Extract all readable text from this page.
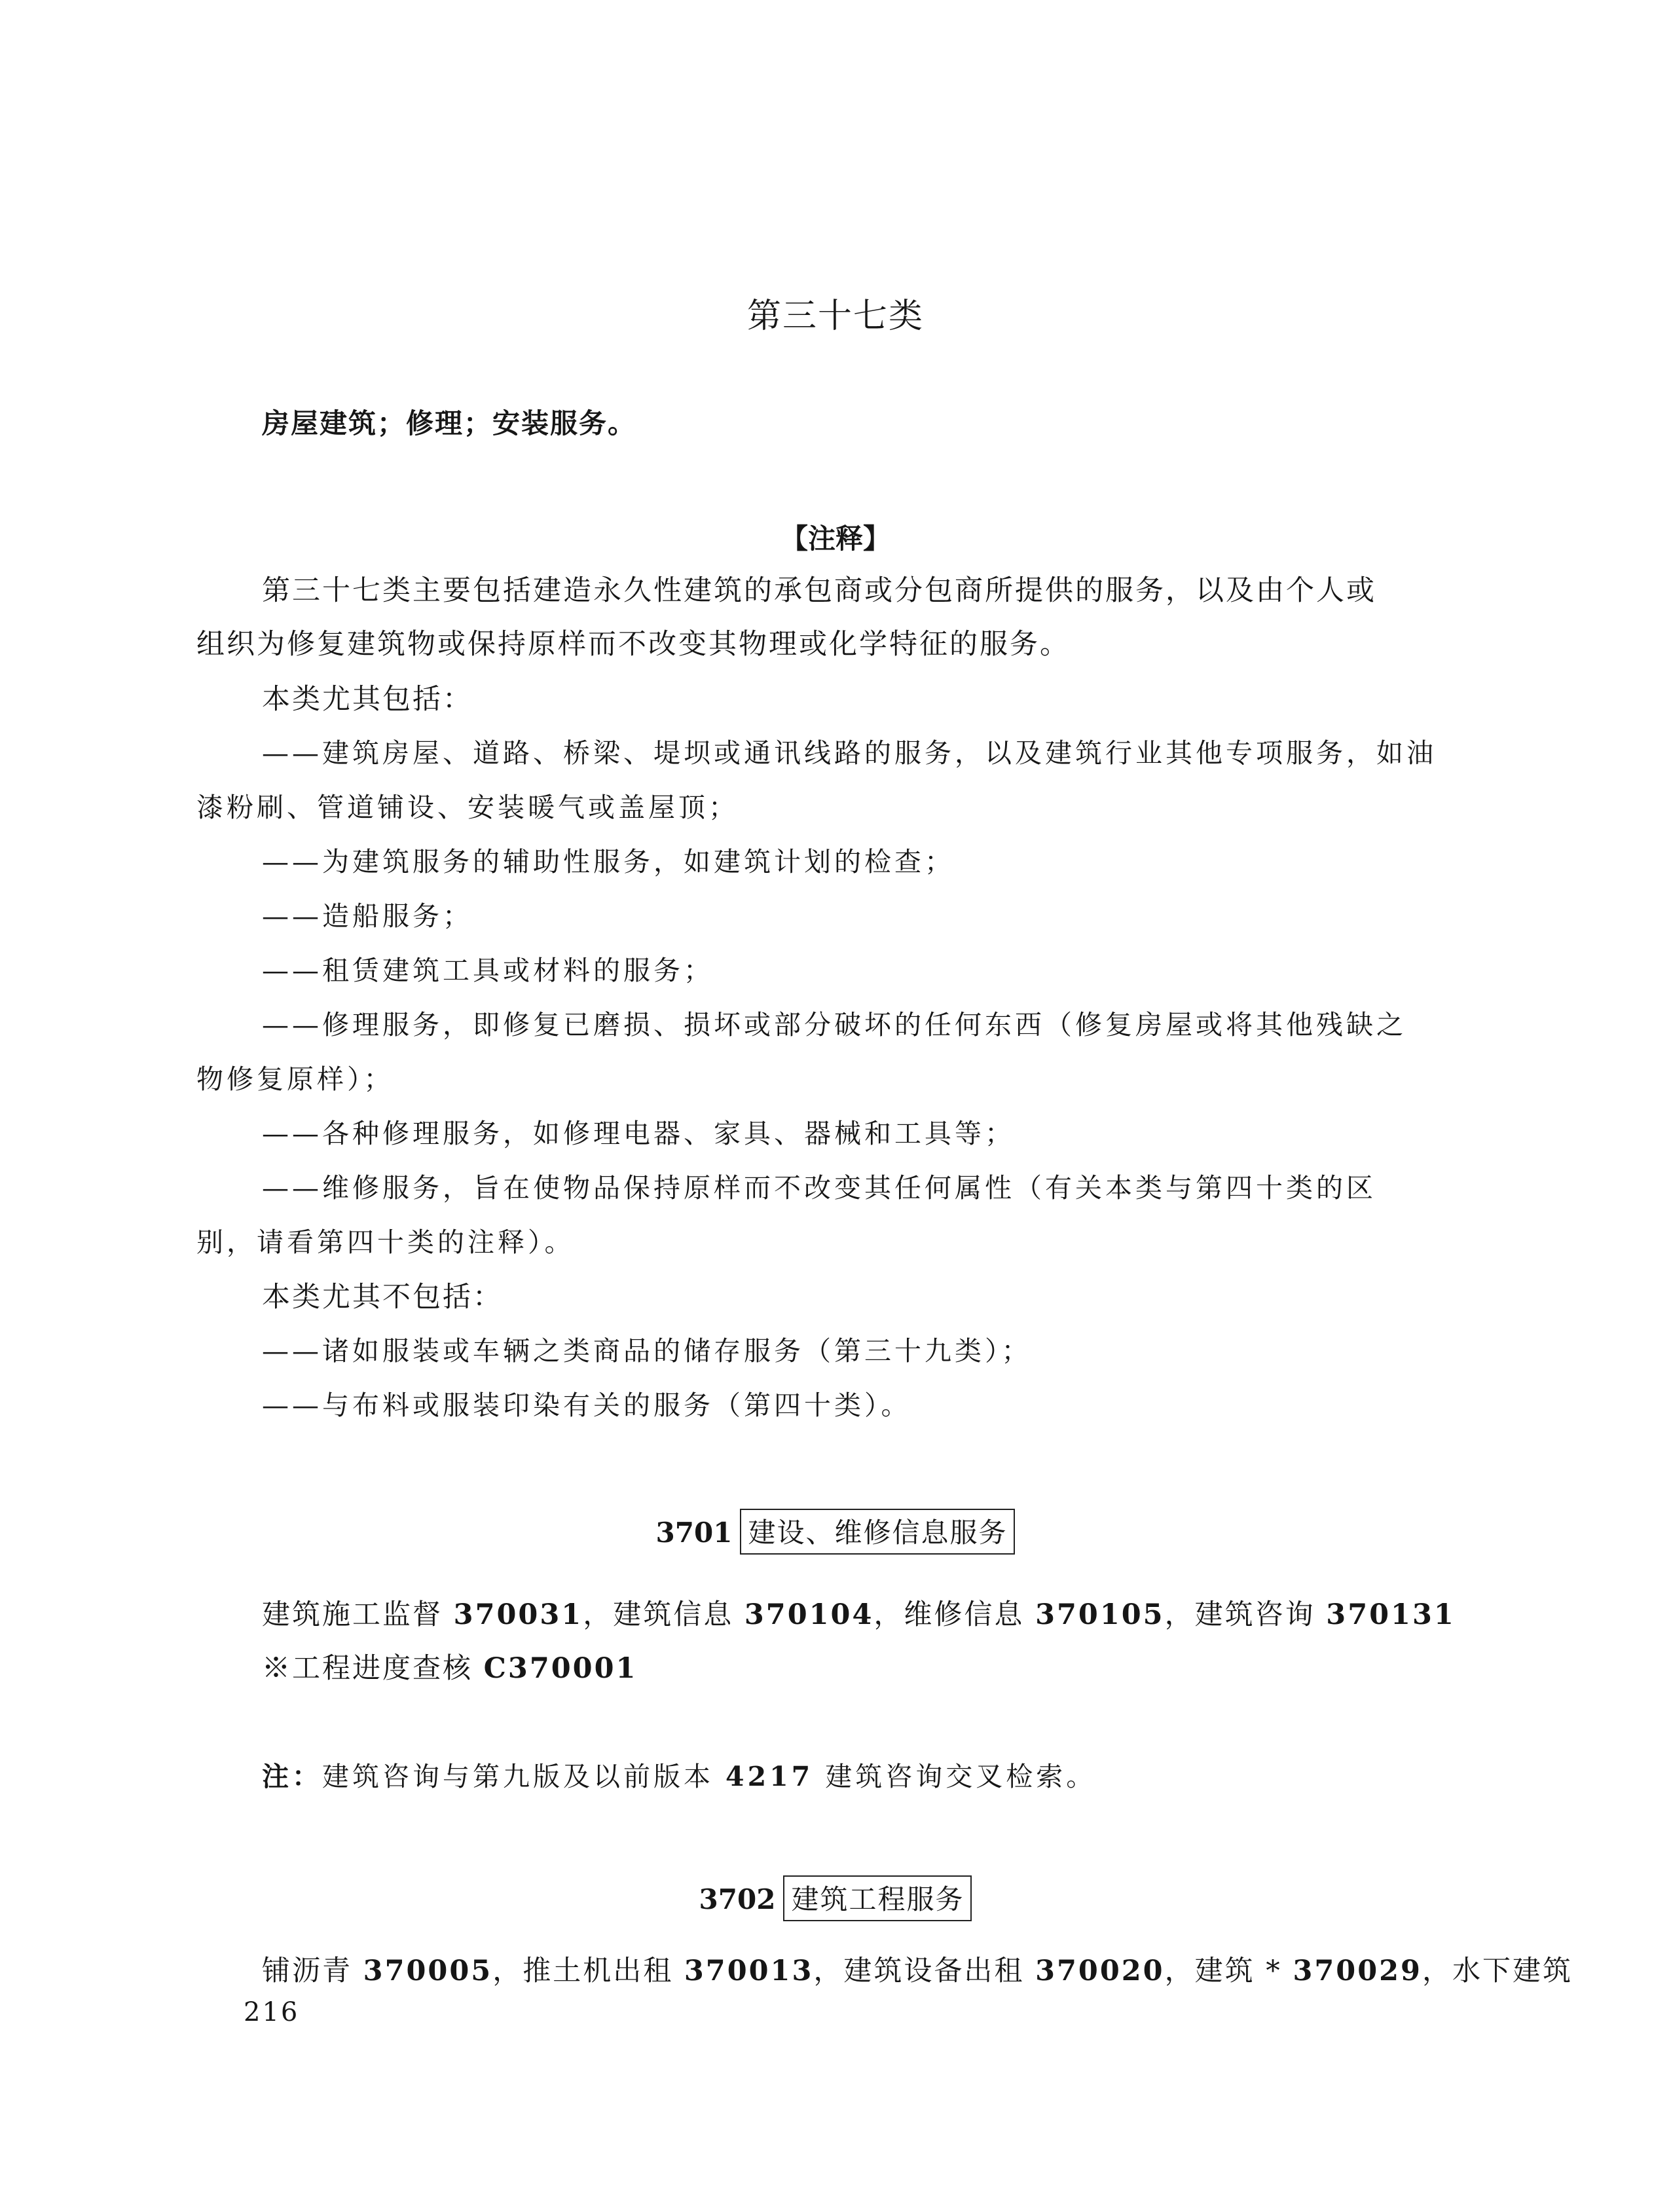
第三十七类
房屋建筑；修理；安装服务。
【注释】
第三十七类主要包括建造永久性建筑的承包商或分包商所提供的服务，以及由个人或
组织为修复建筑物或保持原样而不改变其物理或化学特征的服务。
本类尤其包括：
——建筑房屋、道路、桥梁、堤坝或通讯线路的服务，以及建筑行业其他专项服务，如油
漆粉刷、管道铺设、安装暖气或盖屋顶；
——为建筑服务的辅助性服务，如建筑计划的检查；
——造船服务；
——租赁建筑工具或材料的服务；
——修理服务，即修复已磨损、损坏或部分破坏的任何东西（修复房屋或将其他残缺之
物修复原样）；
——各种修理服务，如修理电器、家具、器械和工具等；
——维修服务，旨在使物品保持原样而不改变其任何属性（有关本类与第四十类的区
别，请看第四十类的注释）。
本类尤其不包括：
——诸如服装或车辆之类商品的储存服务（第三十九类）；
——与布料或服装印染有关的服务（第四十类）。
3701 建设、维修信息服务
建筑施工监督 370031，建筑信息 370104，维修信息 370105，建筑咨询 370131
※工程进度查核 C370001
注：建筑咨询与第九版及以前版本 4217 建筑咨询交叉检索。
3702 建筑工程服务
铺沥青 370005，推土机出租 370013，建筑设备出租 370020，建筑 * 370029，水下建筑
216
